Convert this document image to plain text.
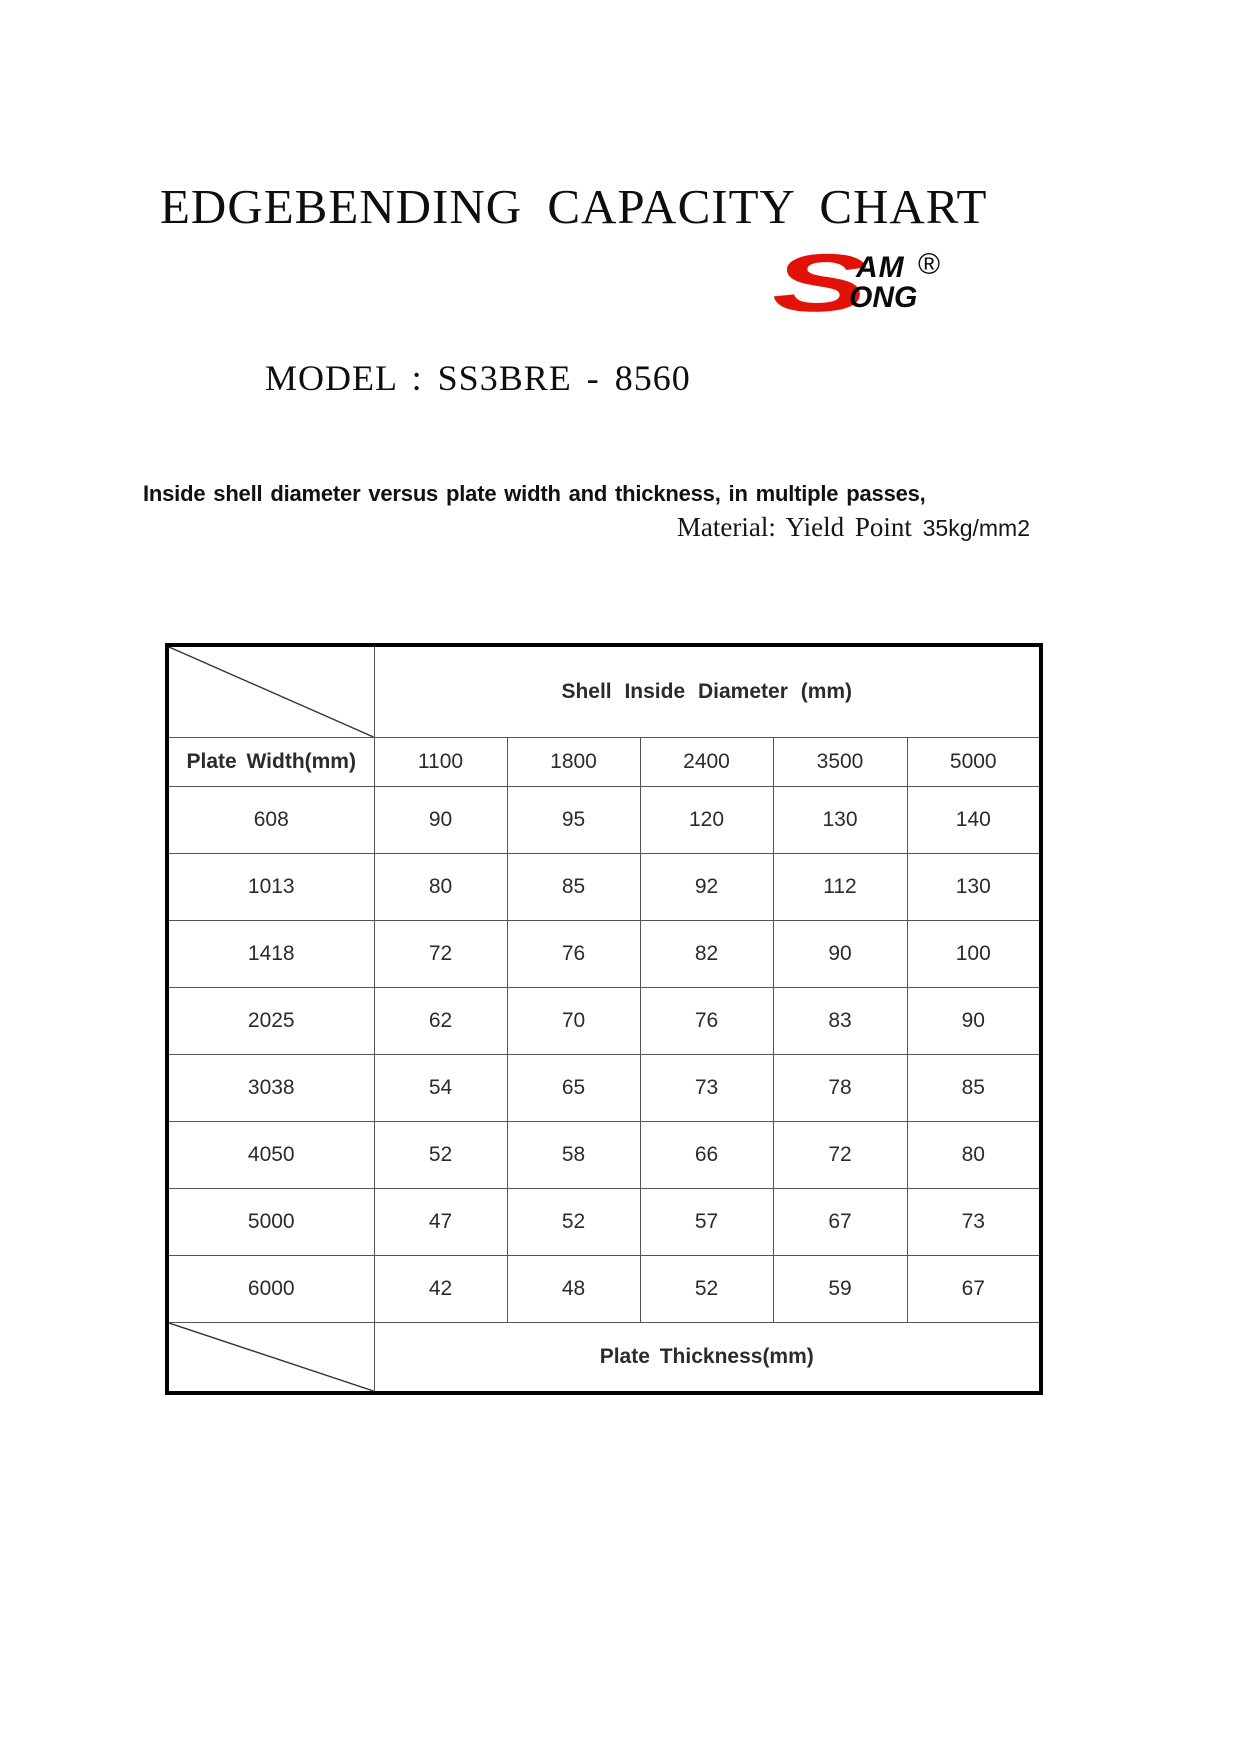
EDGEBENDING CAPACITY CHART
S
AM
ONG
®
MODEL : SS3BRE - 8560
Inside shell diameter versus plate width and thickness, in multiple passes,
Material: Yield Point 35kg/mm2
	Shell Inside Diameter (mm)				
Plate Width(mm)	1100	1800	2400	3500	5000
608	90	95	120	130	140
1013	80	85	92	112	130
1418	72	76	82	90	100
2025	62	70	76	83	90
3038	54	65	73	78	85
4050	52	58	66	72	80
5000	47	52	57	67	73
6000	42	48	52	59	67

	Plate Thickness(mm)				
